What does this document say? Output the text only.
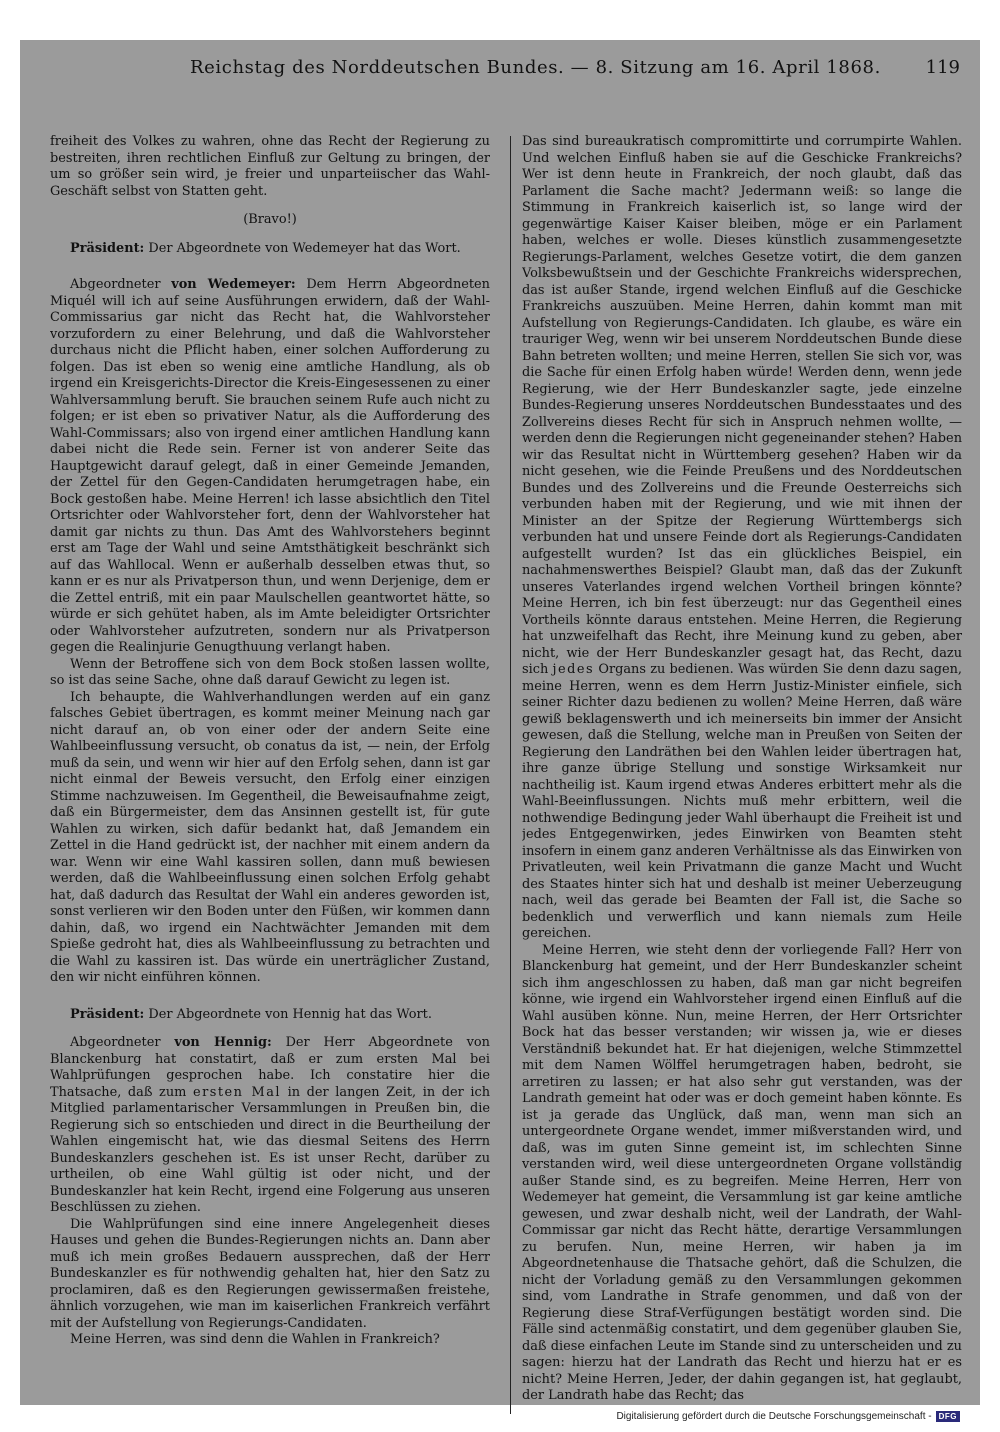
Reichstag des Norddeutschen Bundes. — 8. Sitzung am 16. April 1868. 119

freiheit des Volkes zu wahren, ohne das Recht der Regierung zu bestreiten, ihren rechtlichen Einfluß zur Geltung zu bringen, der um so größer sein wird, je freier und unparteiischer das Wahl-Geschäft selbst von Statten geht.

(Bravo!)

Präsident: Der Abgeordnete von Wedemeyer hat das Wort.

Abgeordneter von Wedemeyer: Dem Herrn Abgeordneten Miquél will ich auf seine Ausführungen erwidern, daß der Wahl-Commissarius gar nicht das Recht hat, die Wahlvorsteher vorzufordern zu einer Belehrung, und daß die Wahlvorsteher durchaus nicht die Pflicht haben, einer solchen Aufforderung zu folgen. Das ist eben so wenig eine amtliche Handlung, als ob irgend ein Kreisgerichts-Director die Kreis-Eingesessenen zu einer Wahlversammlung beruft. Sie brauchen seinem Rufe auch nicht zu folgen; er ist eben so privativer Natur, als die Aufforderung des Wahl-Commissars; also von irgend einer amtlichen Handlung kann dabei nicht die Rede sein. Ferner ist von anderer Seite das Hauptgewicht darauf gelegt, daß in einer Gemeinde Jemanden, der Zettel für den Gegen-Candidaten herumgetragen habe, ein Bock gestoßen habe. Meine Herren! ich lasse absichtlich den Titel Ortsrichter oder Wahlvorsteher fort, denn der Wahlvorsteher hat damit gar nichts zu thun. Das Amt des Wahlvorstehers beginnt erst am Tage der Wahl und seine Amtsthätigkeit beschränkt sich auf das Wahllocal. Wenn er außerhalb desselben etwas thut, so kann er es nur als Privatperson thun, und wenn Derjenige, dem er die Zettel entriß, mit ein paar Maulschellen geantwortet hätte, so würde er sich gehütet haben, als im Amte beleidigter Ortsrichter oder Wahlvorsteher aufzutreten, sondern nur als Privatperson gegen die Realinjurie Genugthuung verlangt haben.

Wenn der Betroffene sich von dem Bock stoßen lassen wollte, so ist das seine Sache, ohne daß darauf Gewicht zu legen ist.

Ich behaupte, die Wahlverhandlungen werden auf ein ganz falsches Gebiet übertragen, es kommt meiner Meinung nach gar nicht darauf an, ob von einer oder der andern Seite eine Wahlbeeinflussung versucht, ob conatus da ist, — nein, der Erfolg muß da sein, und wenn wir hier auf den Erfolg sehen, dann ist gar nicht einmal der Beweis versucht, den Erfolg einer einzigen Stimme nachzuweisen. Im Gegentheil, die Beweisaufnahme zeigt, daß ein Bürgermeister, dem das Ansinnen gestellt ist, für gute Wahlen zu wirken, sich dafür bedankt hat, daß Jemandem ein Zettel in die Hand gedrückt ist, der nachher mit einem andern da war. Wenn wir eine Wahl kassiren sollen, dann muß bewiesen werden, daß die Wahlbeeinflussung einen solchen Erfolg gehabt hat, daß dadurch das Resultat der Wahl ein anderes geworden ist, sonst verlieren wir den Boden unter den Füßen, wir kommen dann dahin, daß, wo irgend ein Nachtwächter Jemanden mit dem Spieße gedroht hat, dies als Wahlbeeinflussung zu betrachten und die Wahl zu kassiren ist. Das würde ein unerträglicher Zustand, den wir nicht einführen können.

Präsident: Der Abgeordnete von Hennig hat das Wort.

Abgeordneter von Hennig: Der Herr Abgeordnete von Blanckenburg hat constatirt, daß er zum ersten Mal bei Wahlprüfungen gesprochen habe. Ich constatire hier die Thatsache, daß zum ersten Mal in der langen Zeit, in der ich Mitglied parlamentarischer Versammlungen in Preußen bin, die Regierung sich so entschieden und direct in die Beurtheilung der Wahlen eingemischt hat, wie das diesmal Seitens des Herrn Bundeskanzlers geschehen ist. Es ist unser Recht, darüber zu urtheilen, ob eine Wahl gültig ist oder nicht, und der Bundeskanzler hat kein Recht, irgend eine Folgerung aus unseren Beschlüssen zu ziehen.

Die Wahlprüfungen sind eine innere Angelegenheit dieses Hauses und gehen die Bundes-Regierungen nichts an. Dann aber muß ich mein großes Bedauern aussprechen, daß der Herr Bundeskanzler es für nothwendig gehalten hat, hier den Satz zu proclamiren, daß es den Regierungen gewissermaßen freistehe, ähnlich vorzugehen, wie man im kaiserlichen Frankreich verfährt mit der Aufstellung von Regierungs-Candidaten.

Meine Herren, was sind denn die Wahlen in Frankreich?

Das sind bureaukratisch compromittirte und corrumpirte Wahlen. Und welchen Einfluß haben sie auf die Geschicke Frankreichs? Wer ist denn heute in Frankreich, der noch glaubt, daß das Parlament die Sache macht? Jedermann weiß: so lange die Stimmung in Frankreich kaiserlich ist, so lange wird der gegenwärtige Kaiser Kaiser bleiben, möge er ein Parlament haben, welches er wolle. Dieses künstlich zusammengesetzte Regierungs-Parlament, welches Gesetze votirt, die dem ganzen Volksbewußtsein und der Geschichte Frankreichs widersprechen, das ist außer Stande, irgend welchen Einfluß auf die Geschicke Frankreichs auszuüben. Meine Herren, dahin kommt man mit Aufstellung von Regierungs-Candidaten. Ich glaube, es wäre ein trauriger Weg, wenn wir bei unserem Norddeutschen Bunde diese Bahn betreten wollten; und meine Herren, stellen Sie sich vor, was die Sache für einen Erfolg haben würde! Werden denn, wenn jede Regierung, wie der Herr Bundeskanzler sagte, jede einzelne Bundes-Regierung unseres Norddeutschen Bundesstaates und des Zollvereins dieses Recht für sich in Anspruch nehmen wollte, — werden denn die Regierungen nicht gegeneinander stehen? Haben wir das Resultat nicht in Württemberg gesehen? Haben wir da nicht gesehen, wie die Feinde Preußens und des Norddeutschen Bundes und des Zollvereins und die Freunde Oesterreichs sich verbunden haben mit der Regierung, und wie mit ihnen der Minister an der Spitze der Regierung Württembergs sich verbunden hat und unsere Feinde dort als Regierungs-Candidaten aufgestellt wurden? Ist das ein glückliches Beispiel, ein nachahmenswerthes Beispiel? Glaubt man, daß das der Zukunft unseres Vaterlandes irgend welchen Vortheil bringen könnte? Meine Herren, ich bin fest überzeugt: nur das Gegentheil eines Vortheils könnte daraus entstehen. Meine Herren, die Regierung hat unzweifelhaft das Recht, ihre Meinung kund zu geben, aber nicht, wie der Herr Bundeskanzler gesagt hat, das Recht, dazu sich jedes Organs zu bedienen. Was würden Sie denn dazu sagen, meine Herren, wenn es dem Herrn Justiz-Minister einfiele, sich seiner Richter dazu bedienen zu wollen? Meine Herren, daß wäre gewiß beklagenswerth und ich meinerseits bin immer der Ansicht gewesen, daß die Stellung, welche man in Preußen von Seiten der Regierung den Landräthen bei den Wahlen leider übertragen hat, ihre ganze übrige Stellung und sonstige Wirksamkeit nur nachtheilig ist. Kaum irgend etwas Anderes erbittert mehr als die Wahl-Beeinflussungen. Nichts muß mehr erbittern, weil die nothwendige Bedingung jeder Wahl überhaupt die Freiheit ist und jedes Entgegenwirken, jedes Einwirken von Beamten steht insofern in einem ganz anderen Verhältnisse als das Einwirken von Privatleuten, weil kein Privatmann die ganze Macht und Wucht des Staates hinter sich hat und deshalb ist meiner Ueberzeugung nach, weil das gerade bei Beamten der Fall ist, die Sache so bedenklich und verwerflich und kann niemals zum Heile gereichen.

Meine Herren, wie steht denn der vorliegende Fall? Herr von Blanckenburg hat gemeint, und der Herr Bundeskanzler scheint sich ihm angeschlossen zu haben, daß man gar nicht begreifen könne, wie irgend ein Wahlvorsteher irgend einen Einfluß auf die Wahl ausüben könne. Nun, meine Herren, der Herr Ortsrichter Bock hat das besser verstanden; wir wissen ja, wie er dieses Verständniß bekundet hat. Er hat diejenigen, welche Stimmzettel mit dem Namen Wölffel herumgetragen haben, bedroht, sie arretiren zu lassen; er hat also sehr gut verstanden, was der Landrath gemeint hat oder was er doch gemeint haben könnte. Es ist ja gerade das Unglück, daß man, wenn man sich an untergeordnete Organe wendet, immer mißverstanden wird, und daß, was im guten Sinne gemeint ist, im schlechten Sinne verstanden wird, weil diese untergeordneten Organe vollständig außer Stande sind, es zu begreifen. Meine Herren, Herr von Wedemeyer hat gemeint, die Versammlung ist gar keine amtliche gewesen, und zwar deshalb nicht, weil der Landrath, der Wahl-Commissar gar nicht das Recht hätte, derartige Versammlungen zu berufen. Nun, meine Herren, wir haben ja im Abgeordnetenhause die Thatsache gehört, daß die Schulzen, die nicht der Vorladung gemäß zu den Versammlungen gekommen sind, vom Landrathe in Strafe genommen, und daß von der Regierung diese Straf-Verfügungen bestätigt worden sind. Die Fälle sind actenmäßig constatirt, und dem gegenüber glauben Sie, daß diese einfachen Leute im Stande sind zu unterscheiden und zu sagen: hierzu hat der Landrath das Recht und hierzu hat er es nicht? Meine Herren, Jeder, der dahin gegangen ist, hat geglaubt, der Landrath habe das Recht; das

Digitalisierung gefördert durch die Deutsche Forschungsgemeinschaft - DFG
